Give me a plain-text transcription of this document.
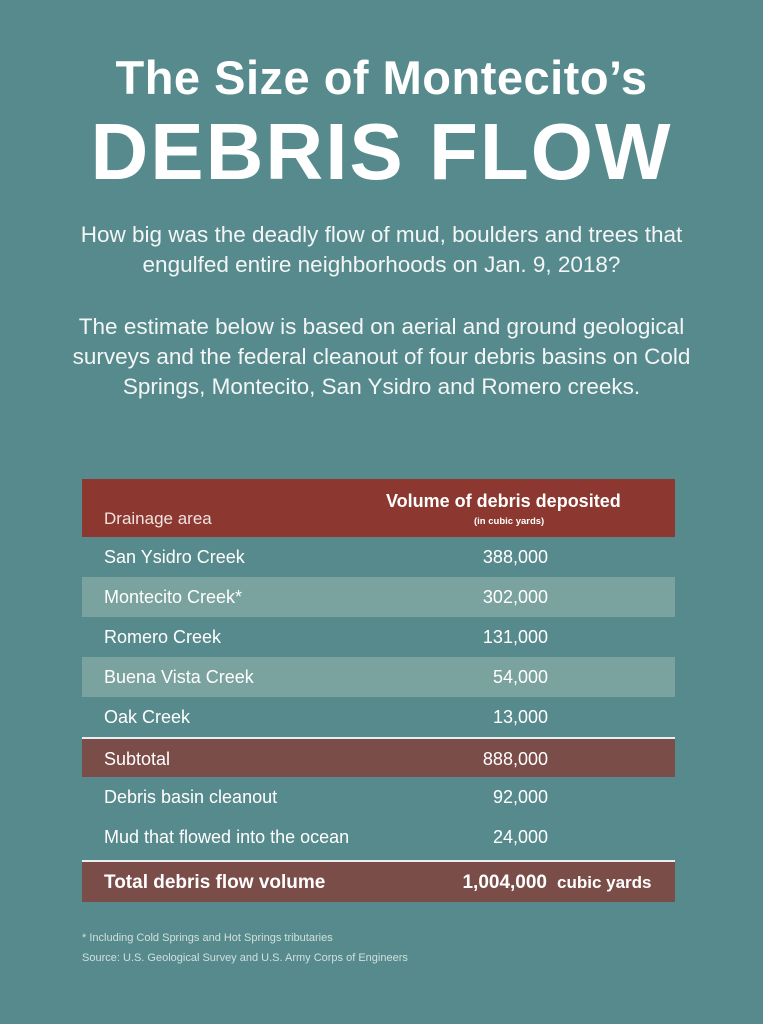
The Size of Montecito’s
DEBRIS FLOW

How big was the deadly flow of mud, boulders and trees that engulfed entire neighborhoods on Jan. 9, 2018?

The estimate below is based on aerial and ground geological surveys and the federal cleanout of four debris basins on Cold Springs, Montecito, San Ysidro and Romero creeks.

Drainage area
Volume of debris deposited
(in cubic yards)
San Ysidro Creek	388,000
Montecito Creek*	302,000
Romero Creek	131,000
Buena Vista Creek	54,000
Oak Creek	13,000
Subtotal	888,000
Debris basin cleanout	92,000
Mud that flowed into the ocean	24,000
Total debris flow volume	1,004,000 cubic yards
* Including Cold Springs and Hot Springs tributaries
Source: U.S. Geological Survey and U.S. Army Corps of Engineers
